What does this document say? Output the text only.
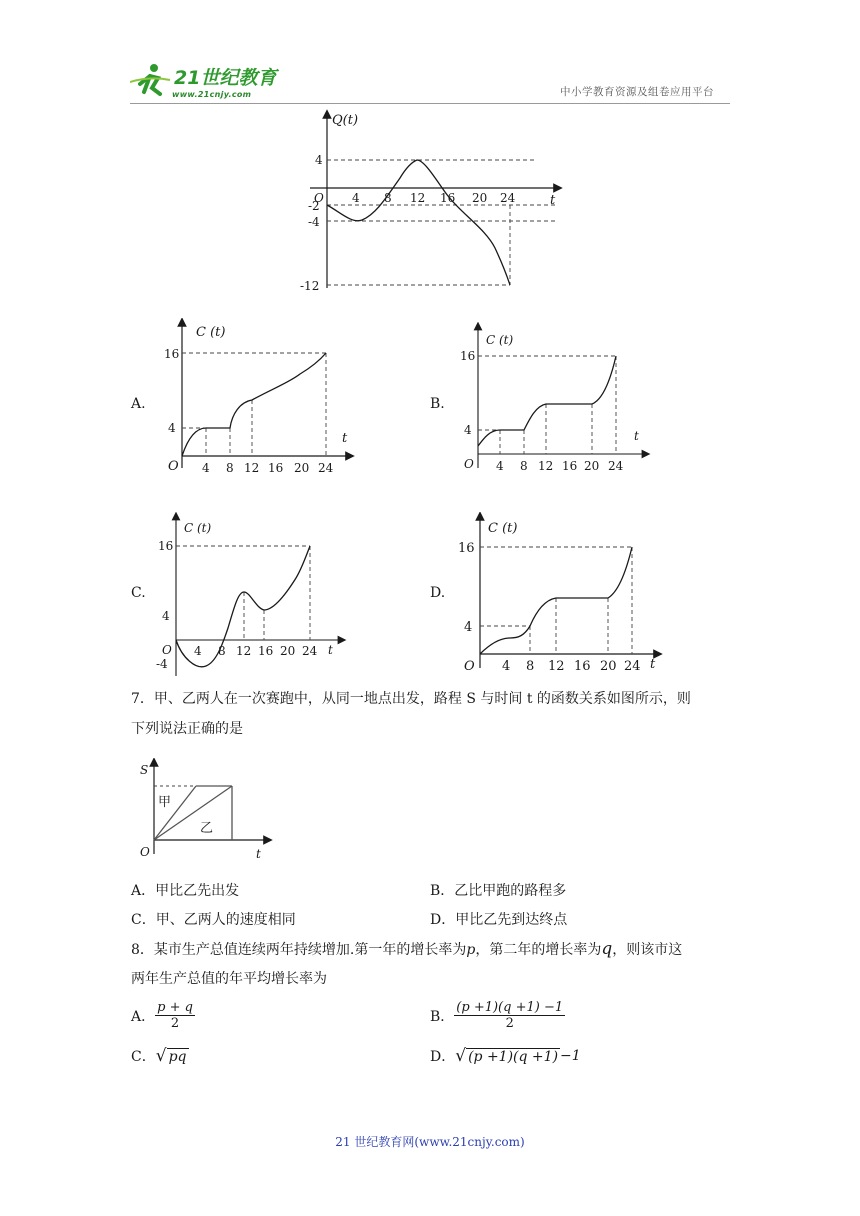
21世纪教育
www.21cnjy.com	中小学教育资源及组卷应用平台
Q(t)
t
O 4 8 12 16 20 24
4
-2
-4
-12
A.
C (t)
t
O 4 8 12 16 20 24
16
4
B.
C (t)
t
O 4 8 12 16 20 24
16
4
C.
C (t)
t
O 4 8 12 16 20 24
16
4
-4
D.
C (t)
t
O 4 8 12 16 20 24
16
4
7．甲、乙两人在一次赛跑中，从同一地点出发，路程 S 与时间 t 的函数关系如图所示，则
下列说法正确的是
S
t
O
甲
乙
A．甲比乙先出发	B．乙比甲跑的路程多
C．甲、乙两人的速度相同	D．甲比乙先到达终点
8．某市生产总值连续两年持续增加.第一年的增长率为p，第二年的增长率为q，则该市这
两年生产总值的年平均增长率为
A． $\frac{p + q}{2}$	B． $\frac{(p +1)(q +1) -1}{2}$
C． √ pq	D． √ (p +1)(q +1) −1
21 世纪教育网(www.21cnjy.com)
